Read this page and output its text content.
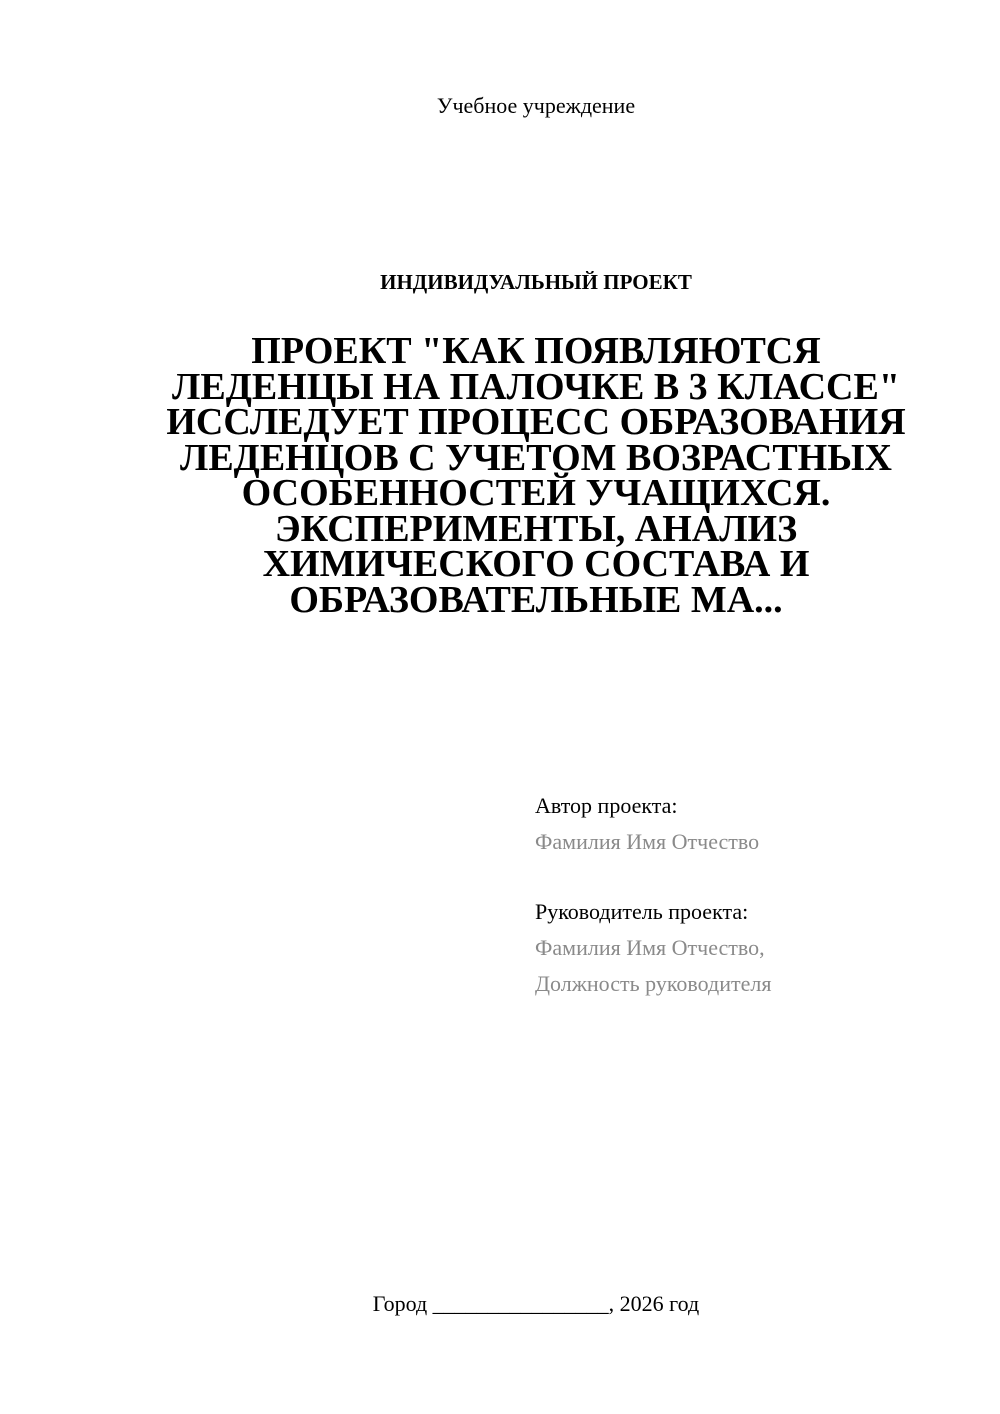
Учебное учреждение
ИНДИВИДУАЛЬНЫЙ ПРОЕКТ
ПРОЕКТ "КАК ПОЯВЛЯЮТСЯ
ЛЕДЕНЦЫ НА ПАЛОЧКЕ В 3 КЛАССЕ"
ИССЛЕДУЕТ ПРОЦЕСС ОБРАЗОВАНИЯ
ЛЕДЕНЦОВ С УЧЕТОМ ВОЗРАСТНЫХ
ОСОБЕННОСТЕЙ УЧАЩИХСЯ.
ЭКСПЕРИМЕНТЫ, АНАЛИЗ
ХИМИЧЕСКОГО СОСТАВА И
ОБРАЗОВАТЕЛЬНЫЕ МА...
Автор проекта:
Фамилия Имя Отчество
Руководитель проекта:
Фамилия Имя Отчество,
Должность руководителя
Город ________________, 2026 год
